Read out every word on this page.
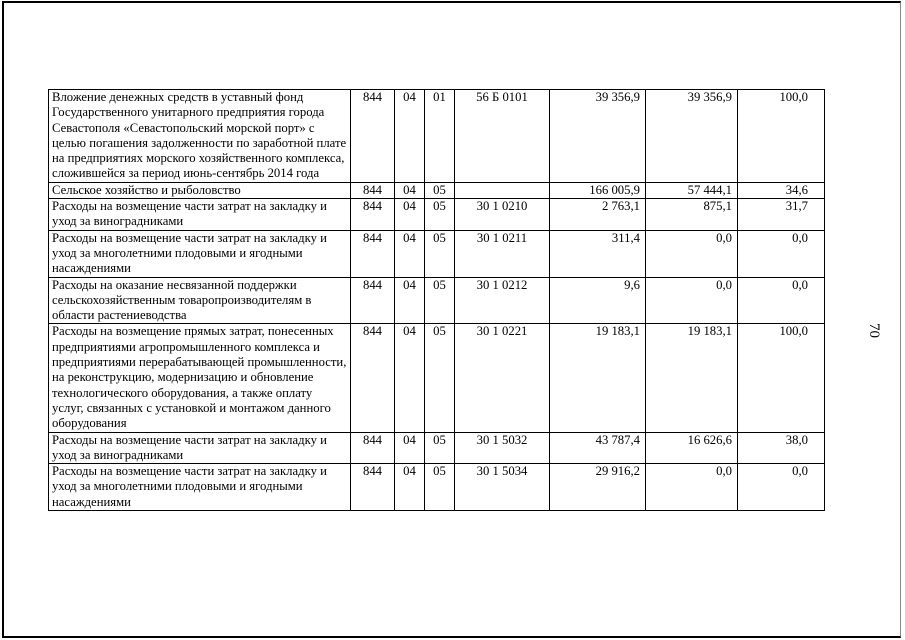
70
Вложение денежных средств в уставный фонд Государственного унитарного предприятия города Севастополя «Севастопольский морской порт» с целью погашения задолженности по заработной плате на предприятиях морского хозяйственного комплекса, сложившейся за период июнь-сентябрь 2014 года	844	04	01	56 Б 0101	39 356,9	39 356,9	100,0
Сельское хозяйство и рыболовство	844	04	05		166 005,9	57 444,1	34,6
Расходы на возмещение части затрат на закладку и уход за виноградниками	844	04	05	30 1 0210	2 763,1	875,1	31,7
Расходы на возмещение части затрат на закладку и уход за многолетними плодовыми и ягодными насаждениями	844	04	05	30 1 0211	311,4	0,0	0,0
Расходы на оказание несвязанной поддержки сельскохозяйственным товаропроизводителям в области растениеводства	844	04	05	30 1 0212	9,6	0,0	0,0
Расходы на возмещение прямых затрат, понесенных предприятиями агропромышленного комплекса и предприятиями перерабатывающей промышленности, на реконструкцию, модернизацию и обновление технологического оборудования, а также оплату услуг, связанных с установкой и монтажом данного оборудования	844	04	05	30 1 0221	19 183,1	19 183,1	100,0
Расходы на возмещение части затрат на закладку и уход за виноградниками	844	04	05	30 1 5032	43 787,4	16 626,6	38,0
Расходы на возмещение части затрат на закладку и уход за многолетними плодовыми и ягодными насаждениями	844	04	05	30 1 5034	29 916,2	0,0	0,0
